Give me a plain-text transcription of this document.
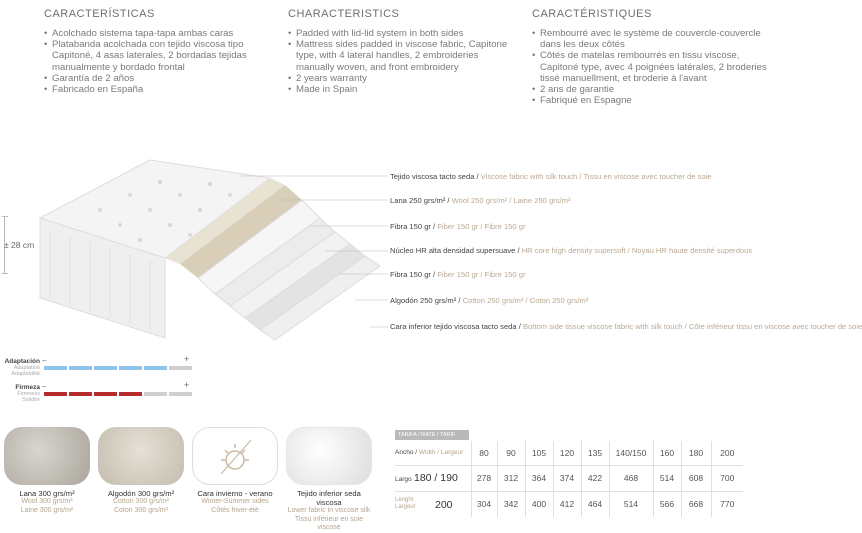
CARACTERÍSTICAS
• Acolchado sistema tapa-tapa ambas caras
• Platabanda acolchada con tejido viscosa tipo Capitoné, 4 asas laterales, 2 bordadas tejidas manualmente y bordado frontal
• Garantía de 2 años
• Fabricado en España
CHARACTERISTICS
• Padded with lid-lid system in both sides
• Mattress sides padded in viscose fabric, Capitone type, with 4 lateral handles, 2 embroideries manually woven, and front embroidery
• 2 years warranty
• Made in Spain
CARACTÉRISTIQUES
• Rembourré avec le système de couvercle-couvercle dans les deux côtés
• Côtés de matelas rembourrés en tissu viscose, Capitoné type, avec 4 poignées latérales, 2 broderies tissé manuellment, et broderie à l'avant
• 2 ans de garantie
• Fabriqué en Espagne
± 28 cm
Tejido viscosa tacto seda / Viscose fabric with silk touch / Tissu en viscose avec toucher de soie
Lana 250 grs/m² / Wool 250 grs/m² / Laine 250 grs/m²
Fibra 150 gr / Fiber 150 gr / Fibre 150 gr
Núcleo HR alta densidad supersuave / HR core high density supersoft / Noyau HR haute densité superdoux
Fibra 150 gr / Fiber 150 gr / Fibre 150 gr
Algodón 250 grs/m² / Cotton 250 grs/m² / Coton 250 grs/m²
Cara inferior tejido viscosa tacto seda / Bottom side tissue viscose fabric with silk touch / Côte inférieur tissu en viscose avec toucher de soie
Adaptación
Adaptation
Adaptabilité
–	+
Firmeza
Firmness
Solidité
–	+
Lana 300 grs/m²
Wool 300 grs/m²
Laine 300 grs/m²
Algodón 300 grs/m²
Cotton 300 grs/m²
Coton 300 grs/m²
Cara invierno - verano
Winter-Summer sides
Côtés hiver-été
Tejido inferior seda viscosa
Lower fabric in viscose silk
Tissu inférieur en soie viscose
TARIFA / RATE / TARIF
Ancho / Width / Largeur	80	90	105	120	135	140/150	160	180	200
Largo 180 / 190	278	312	364	374	422	468	514	608	700
Lenght
Largeur 200	304	342	400	412	464	514	566	668	770
